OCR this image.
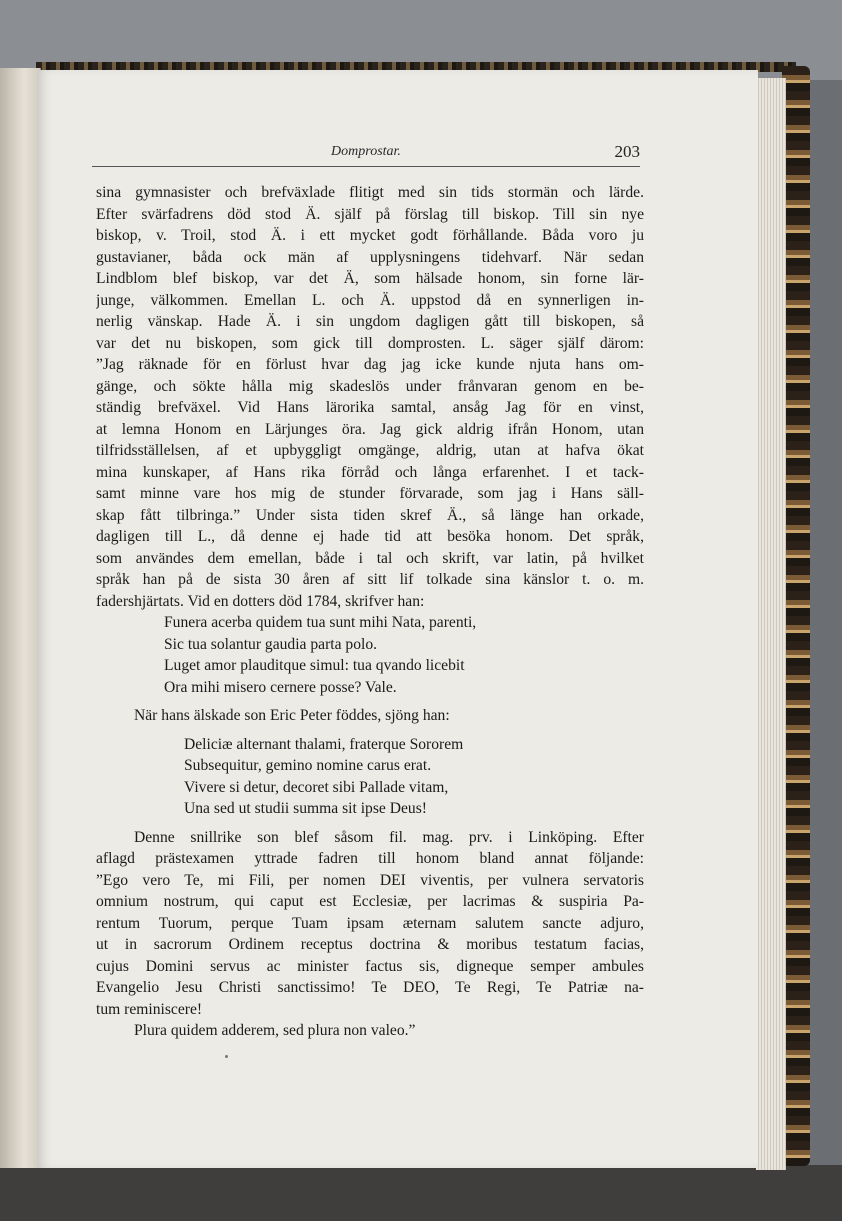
Domprostar.	203
sina gymnasister och brefväxlade flitigt med sin tids stormän och lärde.
Efter svärfadrens död stod Ä. själf på förslag till biskop. Till sin nye
biskop, v. Troil, stod Ä. i ett mycket godt förhållande. Båda voro ju
gustavianer, båda ock män af upplysningens tidehvarf. När sedan
Lindblom blef biskop, var det Ä, som hälsade honom, sin forne lär-
junge, välkommen. Emellan L. och Ä. uppstod då en synnerligen in-
nerlig vänskap. Hade Ä. i sin ungdom dagligen gått till biskopen, så
var det nu biskopen, som gick till domprosten. L. säger själf därom:
”Jag räknade för en förlust hvar dag jag icke kunde njuta hans om-
gänge, och sökte hålla mig skadeslös under frånvaran genom en be-
ständig brefväxel. Vid Hans lärorika samtal, ansåg Jag för en vinst,
at lemna Honom en Lärjunges öra. Jag gick aldrig ifrån Honom, utan
tilfridsställelsen, af et upbyggligt omgänge, aldrig, utan at hafva ökat
mina kunskaper, af Hans rika förråd och långa erfarenhet. I et tack-
samt minne vare hos mig de stunder förvarade, som jag i Hans säll-
skap fått tilbringa.” Under sista tiden skref Ä., så länge han orkade,
dagligen till L., då denne ej hade tid att besöka honom. Det språk,
som användes dem emellan, både i tal och skrift, var latin, på hvilket
språk han på de sista 30 åren af sitt lif tolkade sina känslor t. o. m.
fadershjärtats. Vid en dotters död 1784, skrifver han:
Funera acerba quidem tua sunt mihi Nata, parenti,
Sic tua solantur gaudia parta polo.
Luget amor plauditque simul: tua qvando licebit
Ora mihi misero cernere posse? Vale.
När hans älskade son Eric Peter föddes, sjöng han:
Deliciæ alternant thalami, fraterque Sororem
Subsequitur, gemino nomine carus erat.
Vivere si detur, decoret sibi Pallade vitam,
Una sed ut studii summa sit ipse Deus!
Denne snillrike son blef såsom fil. mag. prv. i Linköping. Efter
aflagd prästexamen yttrade fadren till honom bland annat följande:
”Ego vero Te, mi Fili, per nomen DEI viventis, per vulnera servatoris
omnium nostrum, qui caput est Ecclesiæ, per lacrimas & suspiria Pa-
rentum Tuorum, perque Tuam ipsam æternam salutem sancte adjuro,
ut in sacrorum Ordinem receptus doctrina & moribus testatum facias,
cujus Domini servus ac minister factus sis, digneque semper ambules
Evangelio Jesu Christi sanctissimo! Te DEO, Te Regi, Te Patriæ na-
tum reminiscere!
Plura quidem adderem, sed plura non valeo.”
